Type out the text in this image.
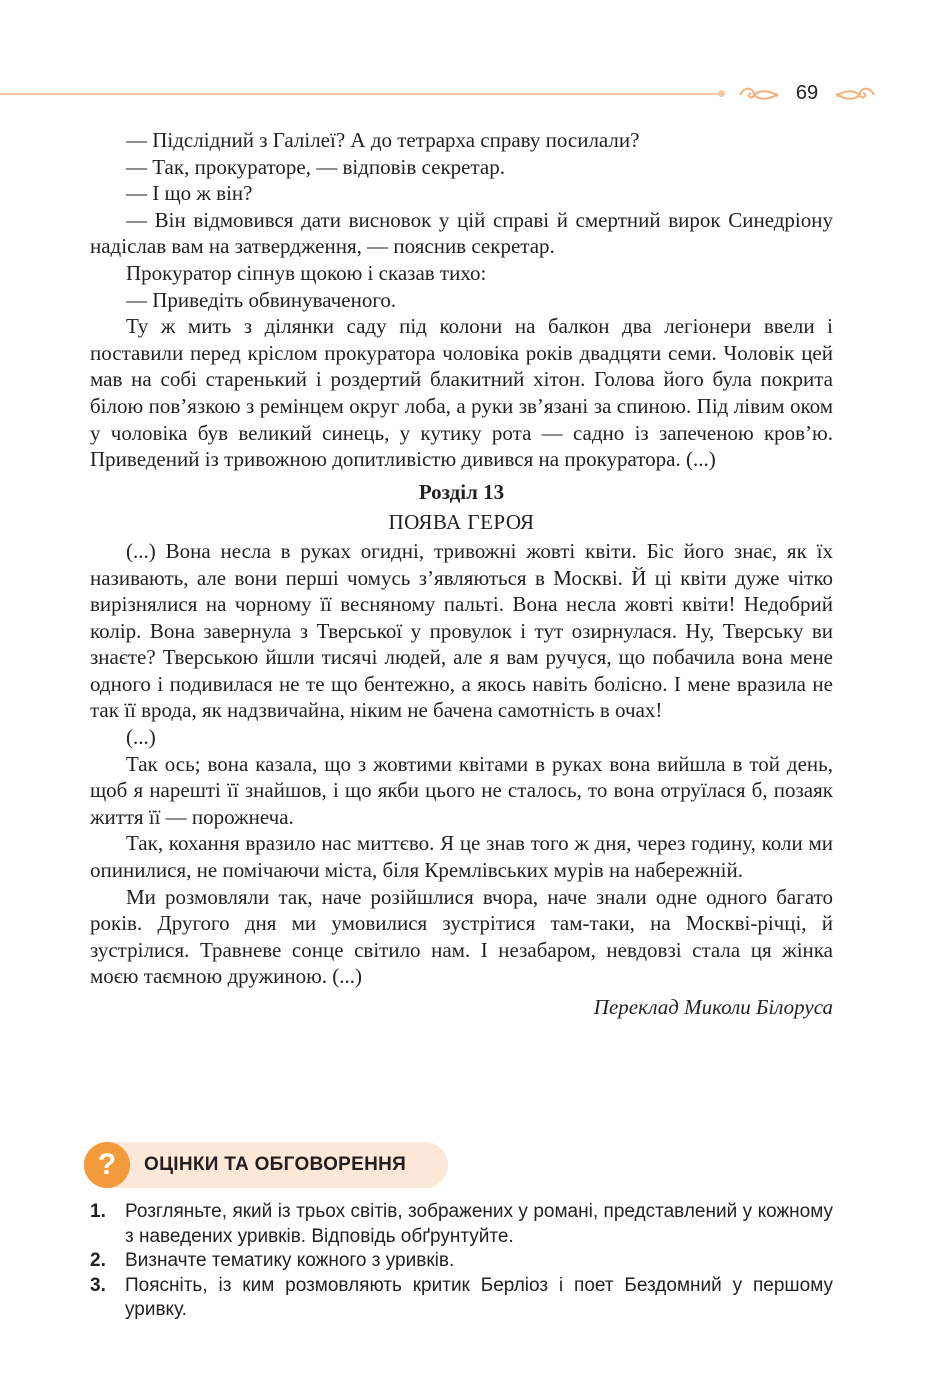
69

— Підслідний з Галілеї? А до тетрарха справу посилали?

— Так, прокураторе, — відповів секретар.

— І що ж він?

— Він відмовився дати висновок у цій справі й смертний вирок Синедріону надіслав вам на затвердження, — пояснив секретар.

Прокуратор сіпнув щокою і сказав тихо:

— Приведіть обвинуваченого.

Ту ж мить з ділянки саду під колони на балкон два легіонери ввели і поставили перед кріслом прокуратора чоловіка років двадцяти семи. Чоловік цей мав на собі старенький і роздертий блакитний хітон. Голова його була покрита білою пов’язкою з ремінцем округ лоба, а руки зв’язані за спиною. Під лівим оком у чоловіка був великий синець, у кутику рота — садно із запеченою кров’ю. Приведений із тривожною допитливістю дивився на прокуратора. (...)

Розділ 13

ПОЯВА ГЕРОЯ

(...) Вона несла в руках огидні, тривожні жовті квіти. Біс його знає, як їх називають, але вони перші чомусь з’являються в Москві. Й ці квіти дуже чітко вирізнялися на чорному її весняному пальті. Вона несла жовті квіти! Недобрий колір. Вона завернула з Тверської у провулок і тут озирнулася. Ну, Тверську ви знаєте? Тверською йшли тисячі людей, але я вам ручуся, що побачила вона мене одного і подивилася не те що бентежно, а якось навіть болісно. І мене вразила не так її врода, як надзвичайна, ніким не бачена самотність в очах!

(...)

Так ось; вона казала, що з жовтими квітами в руках вона вийшла в той день, щоб я нарешті її знайшов, і що якби цього не сталось, то вона отруїлася б, позаяк життя її — порожнеча.

Так, кохання вразило нас миттєво. Я це знав того ж дня, через годину, коли ми опинилися, не помічаючи міста, біля Кремлівських мурів на набережній.

Ми розмовляли так, наче розійшлися вчора, наче знали одне одного багато років. Другого дня ми умовилися зустрітися там-таки, на Москві-річці, й зустрілися. Травневе сонце світило нам. І незабаром, невдовзі стала ця жінка моєю таємною дружиною. (...)

Переклад Миколи Білоруса

?	ОЦІНКИ ТА ОБГОВОРЕННЯ
1. Розгляньте, який із трьох світів, зображених у романі, представлений у кожному з наведених уривків. Відповідь обґрунтуйте.
2. Визначте тематику кожного з уривків.
3. Поясніть, із ким розмовляють критик Берліоз і поет Бездомний у першому уривку.
